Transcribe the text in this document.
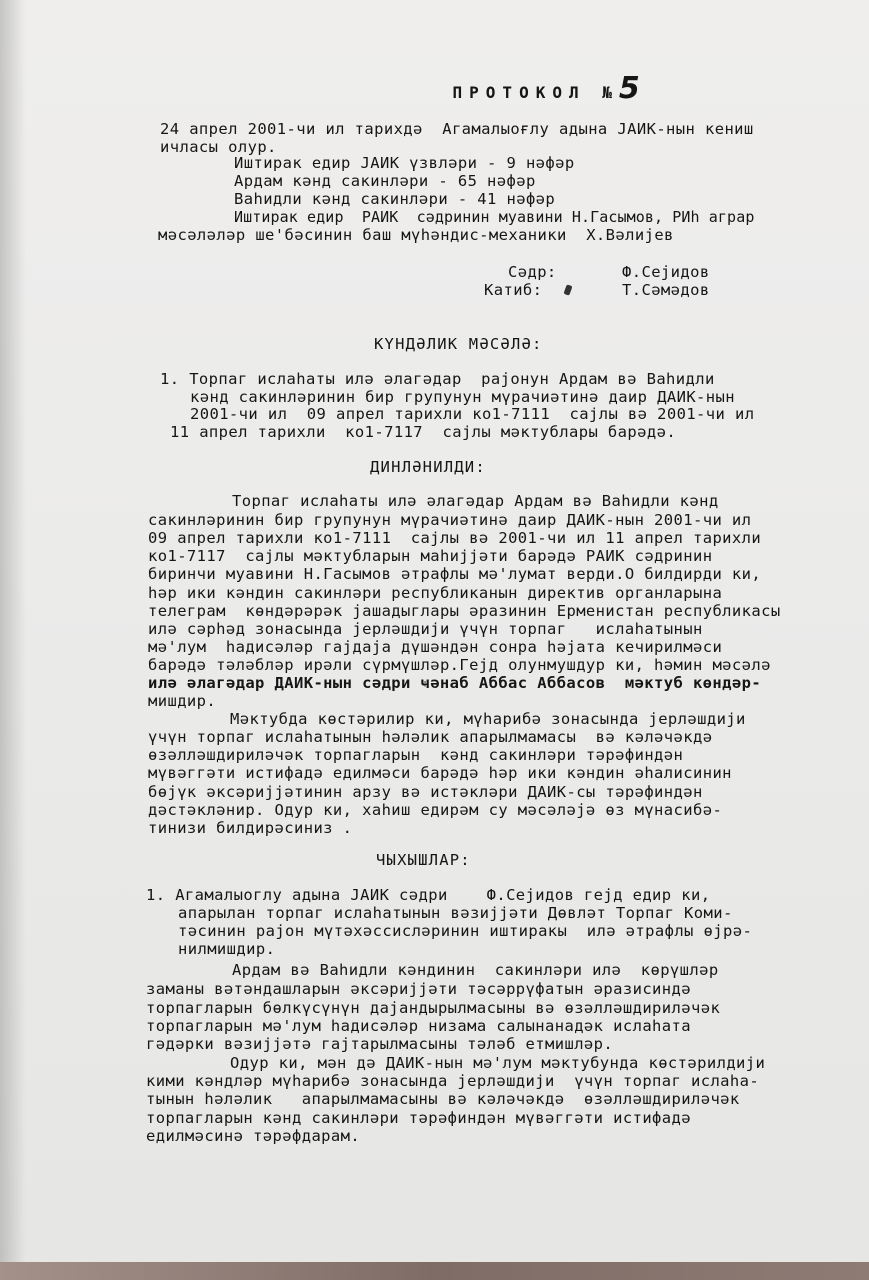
ПРОТОКОЛ №5

24 апрел 2001-чи ил тарихдә  Агамалыоғлу адына ЈАИК-нын кениш
ичласы олур.
Иштирак едир ЈАИК үзвләри - 9 нәфәр
Ардам кәнд сакинләри - 65 нәфәр
Ваһидли кәнд сакинләри - 41 нәфәр
Иштирак едир  РАИК  сәдринин муавини Н.Гасымов, РИһ аграр
мәсәләләр ше'бәсинин баш мүһәндис-механики  Х.Вәлијев
Сәдр:	Ф.Сејидов
Катиб:	Т.Сәмәдов
КҮНДӘЛИК МӘСӘЛӘ:
1. Торпаг ислаһаты илә әлагәдар  рајонун Ардам вә Ваһидли
кәнд сакинләринин бир групунун мүрачиәтинә даир ДАИК-нын
2001-чи ил  09 апрел тарихли ко1-7111  саjлы вә 2001-чи ил
11 апрел тарихли  ко1-7117  саjлы мәктублары барәдә.
ДИНЛӘНИЛДИ:
Торпаг ислаһаты илә әлагәдар Ардам вә Ваһидли кәнд
сакинләринин бир групунун мүрачиәтинә даир ДАИК-нын 2001-чи ил
09 апрел тарихли ко1-7111  саjлы вә 2001-чи ил 11 апрел тарихли
ко1-7117  саjлы мәктубларын маһиjjәти барәдә РАИК сәдринин
биринчи муавини Н.Гасымов әтрафлы мә'лумат верди.О билдирди ки,
һәр ики кәндин сакинләри республиканын директив органларына
телеграм  көндәрәрәк јашадыглары әразинин Ерменистан республикасы
илә сәрһәд зонасында јерләшдиjи үчүн торпаг   ислаһатынын
мә'лум  һадисәләр гајдаја дүшәндән сонра һәјата кечирилмәси
барәдә тәләбләр ирәли сүрмүшләр.Гејд олунмушдур ки, һәмин мәсәлә
илә әлагәдар ДАИК-нын сәдри ҹәнаб Аббас Аббасов  мәктуб көндәр-
мишдир.
Мәктубда көстәрилир ки, мүһарибә зонасында јерләшдиjи
үчүн торпаг ислаһатынын һәләлик апарылмамасы  вә кәләчәкдә
өзәлләшдириләчәк торпагларын  кәнд сакинләри тәрәфиндән
мүвәггәти истифадә едилмәси барәдә һәр ики кәндин әһалисинин
бөјүк әксәриjjәтинин арзу вә истәкләри ДАИК-сы тәрәфиндән
дәстәкләнир. Одур ки, хаһиш едирәм су мәсәләјә өз мүнасибә-
тинизи билдирәсиниз .
ЧЫХЫШЛАР:
1. Агамалыоглу адына ЈАИК сәдри    Ф.Сејидов гејд едир ки,
апарылан торпаг ислаһатынын вәзиjjәти Дөвләт Торпаг Коми-
тәсинин рајон мүтәхәссисләринин иштиракы  илә әтрафлы өјрә-
нилмишдир.
Ардам вә Ваһидли кәндинин  сакинләри илә  көрүшләр
заманы вәтәндашларын әксәриjjәти тәсәррүфатын әразисиндә
торпагларын бөлкүсүнүн дајандырылмасыны вә өзәлләшдириләчәк
торпагларын мә'лум һадисәләр низама салынанадәк ислаһата
гәдәрки вәзиjjәтә гајтарылмасыны тәләб етмишләр.
Одур ки, мән дә ДАИК-нын мә'лум мәктубунда көстәрилдиjи
кими кәндләр мүһарибә зонасында јерләшдиjи  үчүн торпаг ислаһа-
тынын һәләлик   апарылмамасыны вә кәләчәкдә  өзәлләшдириләчәк
торпагларын кәнд сакинләри тәрәфиндән мүвәггәти истифадә
едилмәсинә тәрәфдарам.
